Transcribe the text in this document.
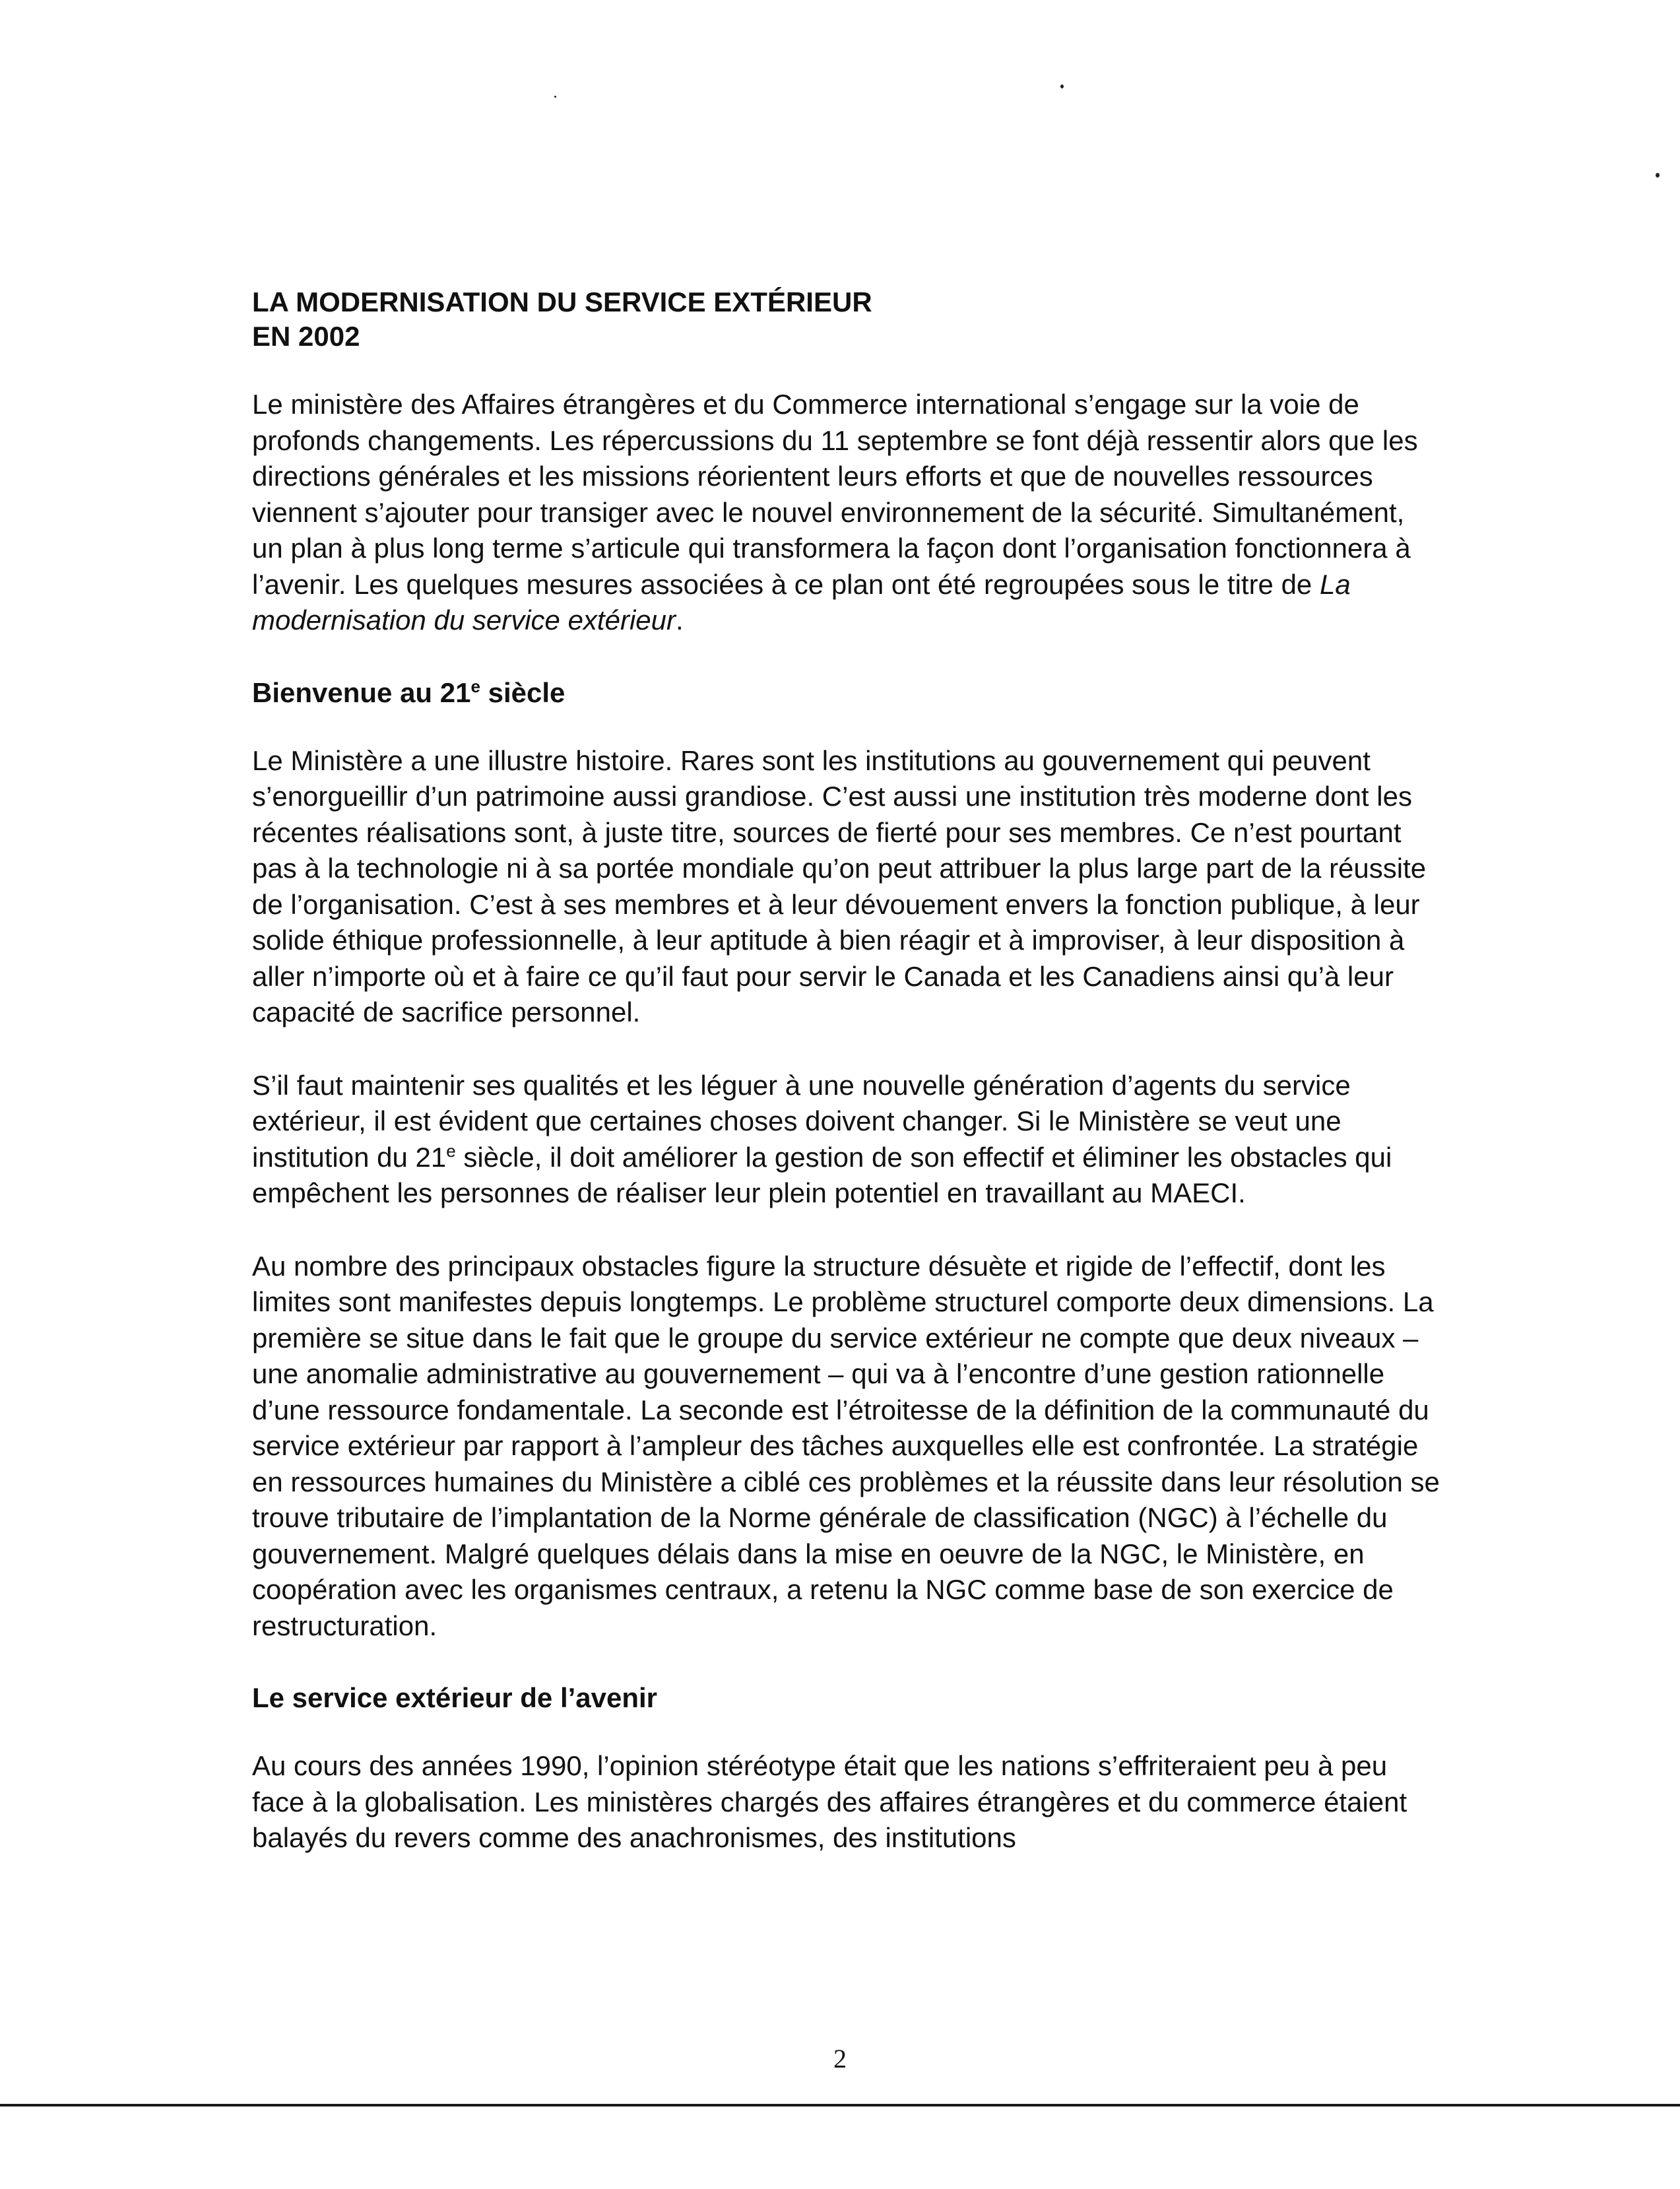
LA MODERNISATION DU SERVICE EXTÉRIEUR
EN 2002

Le ministère des Affaires étrangères et du Commerce international s’engage sur la voie de profonds changements. Les répercussions du 11 septembre se font déjà ressentir alors que les directions générales et les missions réorientent leurs efforts et que de nouvelles ressources viennent s’ajouter pour transiger avec le nouvel environnement de la sécurité. Simultanément, un plan à plus long terme s’articule qui transformera la façon dont l’organisation fonctionnera à l’avenir. Les quelques mesures associées à ce plan ont été regroupées sous le titre de La modernisation du service extérieur.

Bienvenue au 21e siècle

Le Ministère a une illustre histoire. Rares sont les institutions au gouvernement qui peuvent s’enorgueillir d’un patrimoine aussi grandiose. C’est aussi une institution très moderne dont les récentes réalisations sont, à juste titre, sources de fierté pour ses membres. Ce n’est pourtant pas à la technologie ni à sa portée mondiale qu’on peut attribuer la plus large part de la réussite de l’organisation. C’est à ses membres et à leur dévouement envers la fonction publique, à leur solide éthique professionnelle, à leur aptitude à bien réagir et à improviser, à leur disposition à aller n’importe où et à faire ce qu’il faut pour servir le Canada et les Canadiens ainsi qu’à leur capacité de sacrifice personnel.

S’il faut maintenir ses qualités et les léguer à une nouvelle génération d’agents du service extérieur, il est évident que certaines choses doivent changer. Si le Ministère se veut une institution du 21e siècle, il doit améliorer la gestion de son effectif et éliminer les obstacles qui empêchent les personnes de réaliser leur plein potentiel en travaillant au MAECI.

Au nombre des principaux obstacles figure la structure désuète et rigide de l’effectif, dont les limites sont manifestes depuis longtemps. Le problème structurel comporte deux dimensions. La première se situe dans le fait que le groupe du service extérieur ne compte que deux niveaux – une anomalie administrative au gouvernement – qui va à l’encontre d’une gestion rationnelle d’une ressource fondamentale. La seconde est l’étroitesse de la définition de la communauté du service extérieur par rapport à l’ampleur des tâches auxquelles elle est confrontée. La stratégie en ressources humaines du Ministère a ciblé ces problèmes et la réussite dans leur résolution se trouve tributaire de l’implantation de la Norme générale de classification (NGC) à l’échelle du gouvernement. Malgré quelques délais dans la mise en oeuvre de la NGC, le Ministère, en coopération avec les organismes centraux, a retenu la NGC comme base de son exercice de restructuration.

Le service extérieur de l’avenir

Au cours des années 1990, l’opinion stéréotype était que les nations s’effriteraient peu à peu face à la globalisation. Les ministères chargés des affaires étrangères et du commerce étaient balayés du revers comme des anachronismes, des institutions

2
